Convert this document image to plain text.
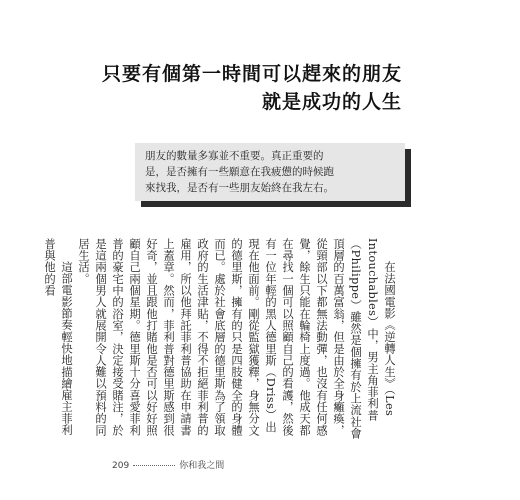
只要有個第一時間可以趕來的朋友
就是成功的人生
朋友的數量多寡並不重要。真正重要的
是，是否擁有一些願意在我疲憊的時候跑
來找我，是否有一些朋友始終在我左右。

在法國電影《逆轉人生》（Les Intouchables）中，男主角菲利普（Philippe）雖然是個擁有於上流社會頂層的百萬富翁，但是由於全身癱瘓，從頸部以下都無法動彈，也沒有任何感覺，餘生只能在輪椅上度過。他成天都在尋找一個可以照顧自己的看護，然後有一位年輕的黑人德里斯（Driss）出現在他面前。剛從監獄獲釋，身無分文的德里斯，擁有的只是四肢健全的身體而已。處於社會底層的德里斯為了領取政府的生活津貼，不得不拒絕菲利普的雇用，所以他拜託菲利普協助在申請書上蓋章。然而，菲利普對德里斯感到很好奇，並且跟他打賭他是否可以好好照顧自己兩個星期。德里斯十分喜愛菲利普的豪宅中的浴室，決定接受賭注，於是這兩個男人就展開令人難以預料的同居生活。

這部電影節奏輕快地描繪雇主菲利普與他的看

209	你和我之間
